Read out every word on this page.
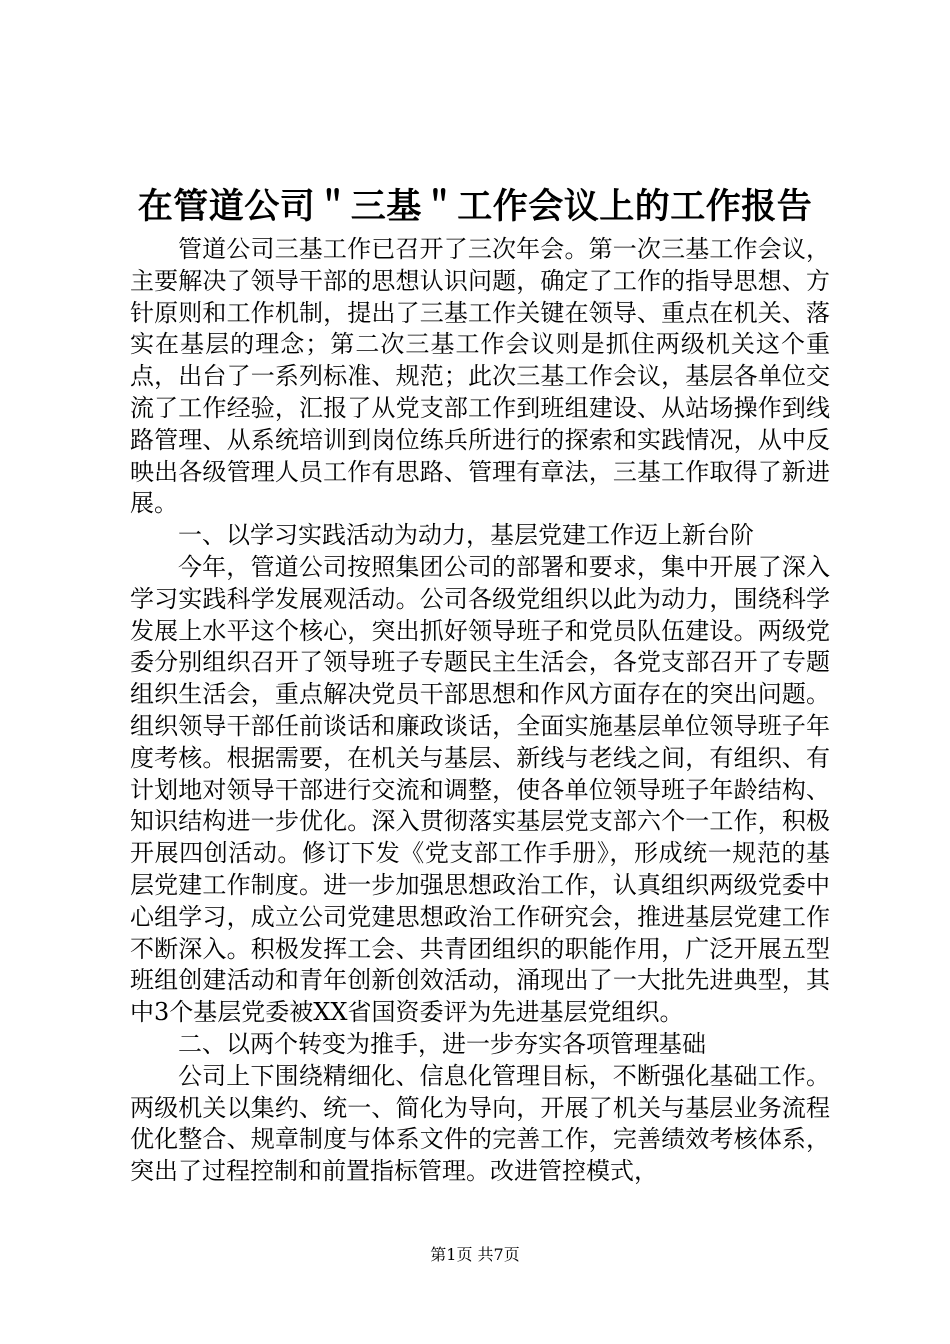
在管道公司＂三基＂工作会议上的工作报告

管道公司三基工作已召开了三次年会。第一次三基工作会议，主要解决了领导干部的思想认识问题，确定了工作的指导思想、方针原则和工作机制，提出了三基工作关键在领导、重点在机关、落实在基层的理念；第二次三基工作会议则是抓住两级机关这个重点，出台了一系列标准、规范；此次三基工作会议，基层各单位交流了工作经验，汇报了从党支部工作到班组建设、从站场操作到线路管理、从系统培训到岗位练兵所进行的探索和实践情况，从中反映出各级管理人员工作有思路、管理有章法，三基工作取得了新进展。

一、以学习实践活动为动力，基层党建工作迈上新台阶

今年，管道公司按照集团公司的部署和要求，集中开展了深入学习实践科学发展观活动。公司各级党组织以此为动力，围绕科学发展上水平这个核心，突出抓好领导班子和党员队伍建设。两级党委分别组织召开了领导班子专题民主生活会，各党支部召开了专题组织生活会，重点解决党员干部思想和作风方面存在的突出问题。组织领导干部任前谈话和廉政谈话，全面实施基层单位领导班子年度考核。根据需要，在机关与基层、新线与老线之间，有组织、有计划地对领导干部进行交流和调整，使各单位领导班子年龄结构、知识结构进一步优化。深入贯彻落实基层党支部六个一工作，积极开展四创活动。修订下发《党支部工作手册》，形成统一规范的基层党建工作制度。进一步加强思想政治工作，认真组织两级党委中心组学习，成立公司党建思想政治工作研究会，推进基层党建工作不断深入。积极发挥工会、共青团组织的职能作用，广泛开展五型班组创建活动和青年创新创效活动，涌现出了一大批先进典型，其中3个基层党委被XX省国资委评为先进基层党组织。

二、以两个转变为推手，进一步夯实各项管理基础

公司上下围绕精细化、信息化管理目标，不断强化基础工作。两级机关以集约、统一、简化为导向，开展了机关与基层业务流程优化整合、规章制度与体系文件的完善工作，完善绩效考核体系，突出了过程控制和前置指标管理。改进管控模式，

第1页 共7页
